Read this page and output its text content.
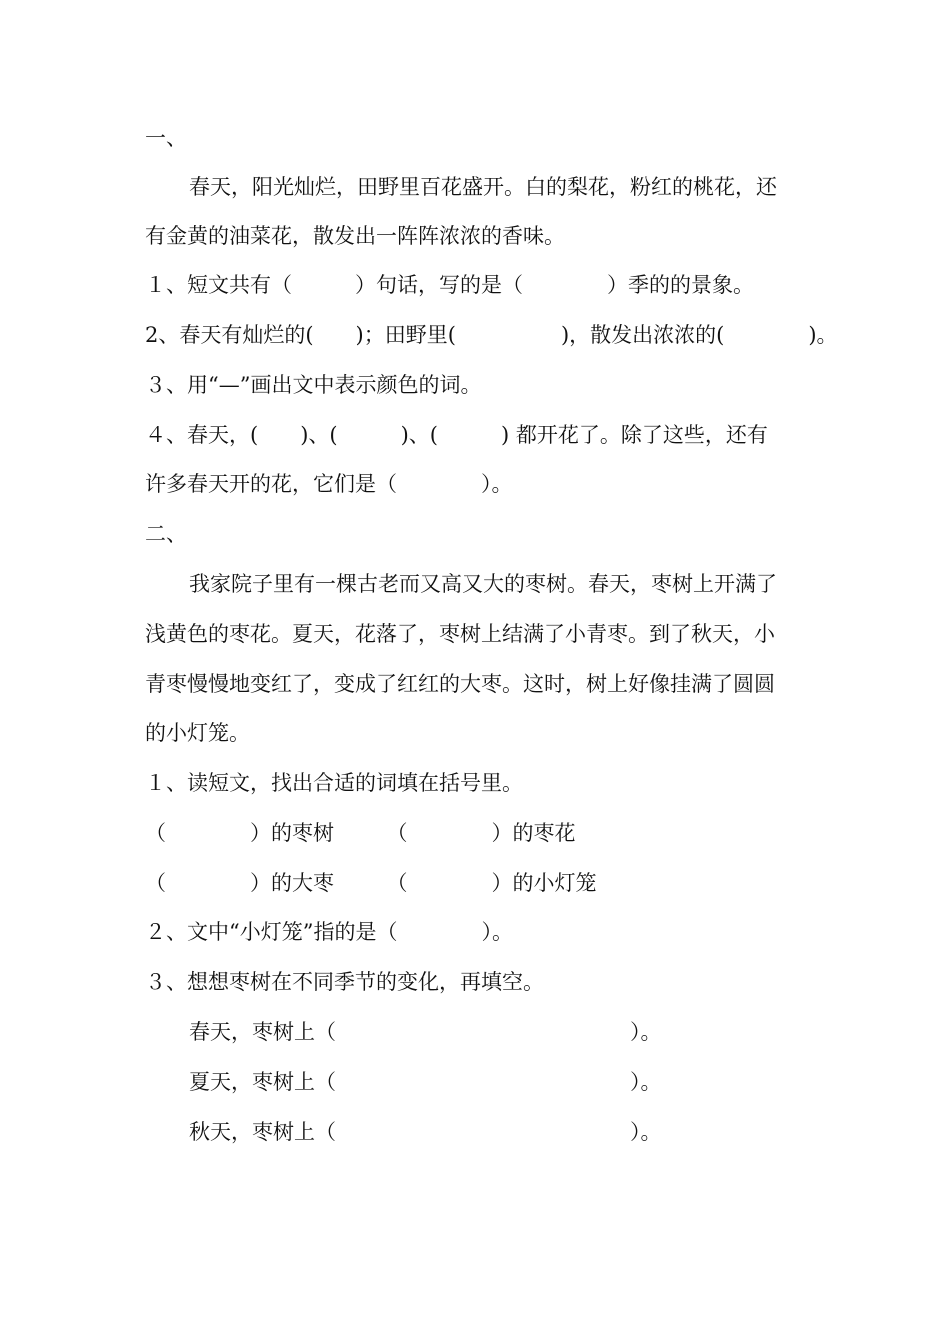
一、

春天，阳光灿烂，田野里百花盛开。白的梨花，粉红的桃花，还

有金黄的油菜花，散发出一阵阵浓浓的香味。

１、短文共有（　　　）句话，写的是（　　　　）季的的景象。

2、春天有灿烂的(　　)；田野里(　　　　　)，散发出浓浓的(　　　　)。

３、用“—”画出文中表示颜色的词。

４、春天，(　　)、(　　　)、(　　　) 都开花了。除了这些，还有

许多春天开的花，它们是（　　　　）。

二、

我家院子里有一棵古老而又高又大的枣树。春天，枣树上开满了

浅黄色的枣花。夏天，花落了，枣树上结满了小青枣。到了秋天，小

青枣慢慢地变红了，变成了红红的大枣。这时，树上好像挂满了圆圆

的小灯笼。

１、读短文，找出合适的词填在括号里。

（　　　　）的枣树　　　（　　　　）的枣花

（　　　　）的大枣　　　（　　　　）的小灯笼

２、文中“小灯笼”指的是（　　　　）。

３、想想枣树在不同季节的变化，再填空。

春天，枣树上（　　　　　　　　　　　　　　）。

夏天，枣树上（　　　　　　　　　　　　　　）。

秋天，枣树上（　　　　　　　　　　　　　　）。
